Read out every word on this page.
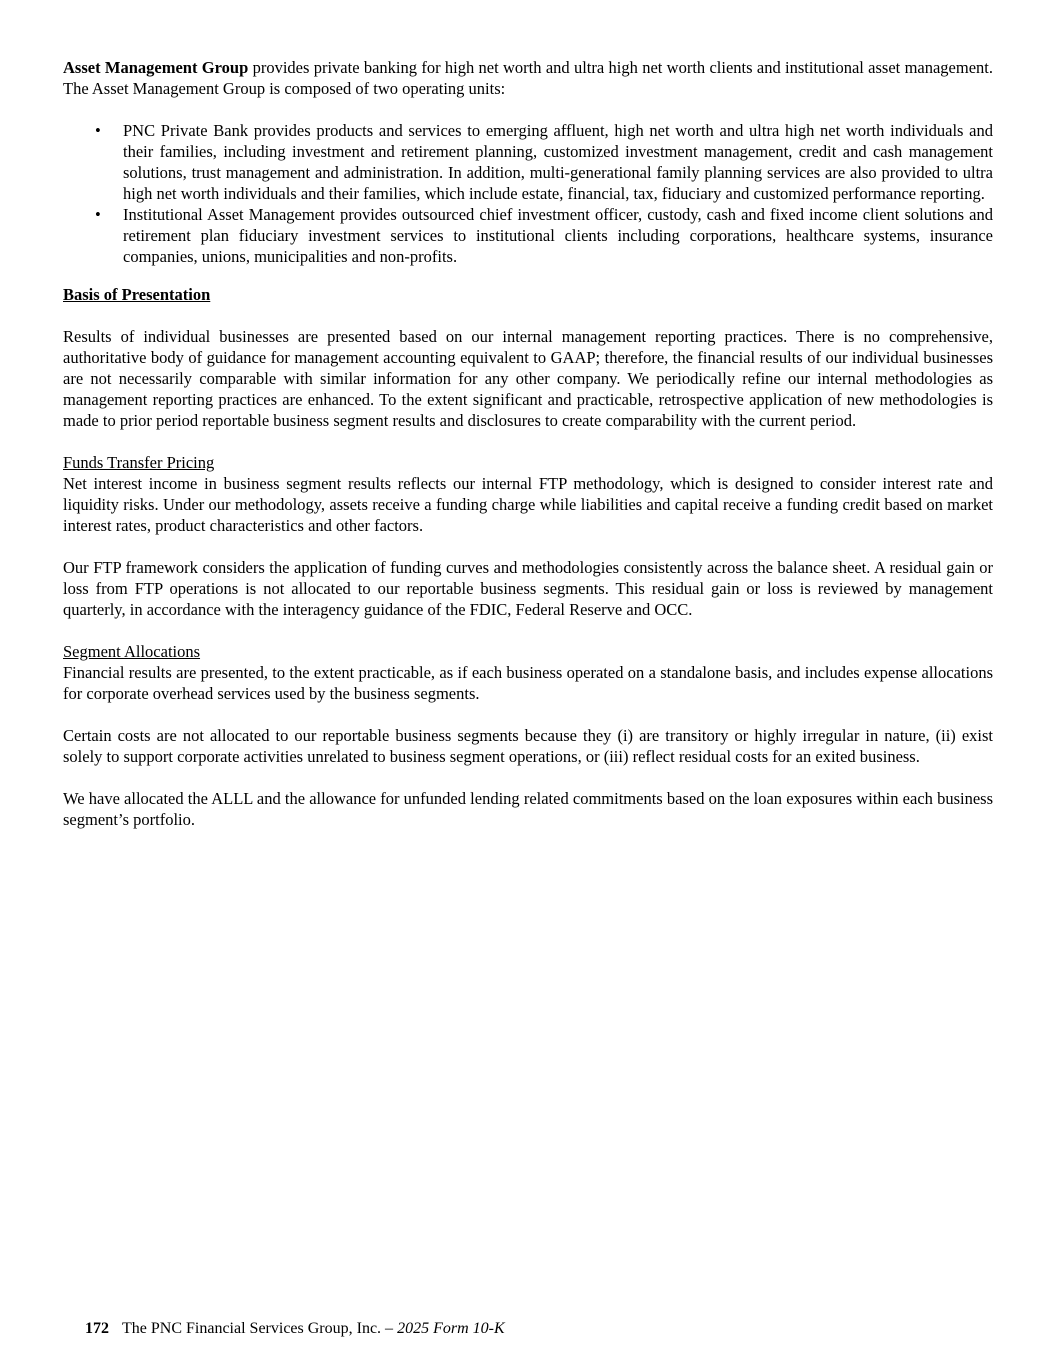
Asset Management Group provides private banking for high net worth and ultra high net worth clients and institutional asset management. The Asset Management Group is composed of two operating units:

• PNC Private Bank provides products and services to emerging affluent, high net worth and ultra high net worth individuals and their families, including investment and retirement planning, customized investment management, credit and cash management solutions, trust management and administration. In addition, multi-generational family planning services are also provided to ultra high net worth individuals and their families, which include estate, financial, tax, fiduciary and customized performance reporting.
• Institutional Asset Management provides outsourced chief investment officer, custody, cash and fixed income client solutions and retirement plan fiduciary investment services to institutional clients including corporations, healthcare systems, insurance companies, unions, municipalities and non-profits.
Basis of Presentation

Results of individual businesses are presented based on our internal management reporting practices. There is no comprehensive, authoritative body of guidance for management accounting equivalent to GAAP; therefore, the financial results of our individual businesses are not necessarily comparable with similar information for any other company. We periodically refine our internal methodologies as management reporting practices are enhanced. To the extent significant and practicable, retrospective application of new methodologies is made to prior period reportable business segment results and disclosures to create comparability with the current period.

Funds Transfer Pricing

Net interest income in business segment results reflects our internal FTP methodology, which is designed to consider interest rate and liquidity risks. Under our methodology, assets receive a funding charge while liabilities and capital receive a funding credit based on market interest rates, product characteristics and other factors.

Our FTP framework considers the application of funding curves and methodologies consistently across the balance sheet. A residual gain or loss from FTP operations is not allocated to our reportable business segments. This residual gain or loss is reviewed by management quarterly, in accordance with the interagency guidance of the FDIC, Federal Reserve and OCC.

Segment Allocations

Financial results are presented, to the extent practicable, as if each business operated on a standalone basis, and includes expense allocations for corporate overhead services used by the business segments.

Certain costs are not allocated to our reportable business segments because they (i) are transitory or highly irregular in nature, (ii) exist solely to support corporate activities unrelated to business segment operations, or (iii) reflect residual costs for an exited business.

We have allocated the ALLL and the allowance for unfunded lending related commitments based on the loan exposures within each business segment’s portfolio.

172 The PNC Financial Services Group, Inc. – 2025 Form 10-K
